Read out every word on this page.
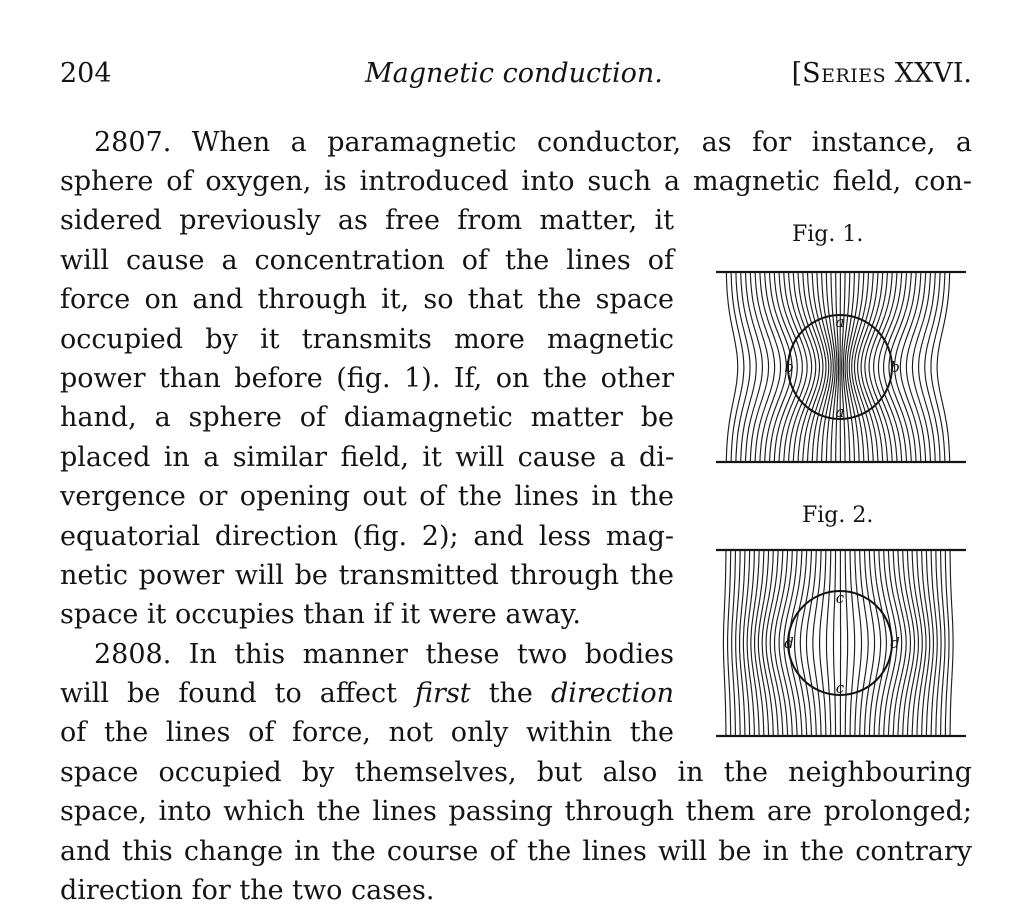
204	Magnetic conduction.	[Series XXVI.
2807. When a paramagnetic conductor, as for instance, a
sphere of oxygen, is introduced into such a magnetic field, con-
sidered previously as free from matter, it
will cause a concentration of the lines of
force on and through it, so that the space
occupied by it transmits more magnetic
power than before (fig. 1). If, on the other
hand, a sphere of diamagnetic matter be
placed in a similar field, it will cause a di-
vergence or opening out of the lines in the
equatorial direction (fig. 2); and less mag-
netic power will be transmitted through the
space it occupies than if it were away.
2808. In this manner these two bodies
will be found to affect first the direction
of the lines of force, not only within the
space occupied by themselves, but also in the neighbouring
space, into which the lines passing through them are prolonged;
and this change in the course of the lines will be in the contrary
direction for the two cases.
Fig. 1.
a
a
b	b
Fig. 2.
c
c
d	d
